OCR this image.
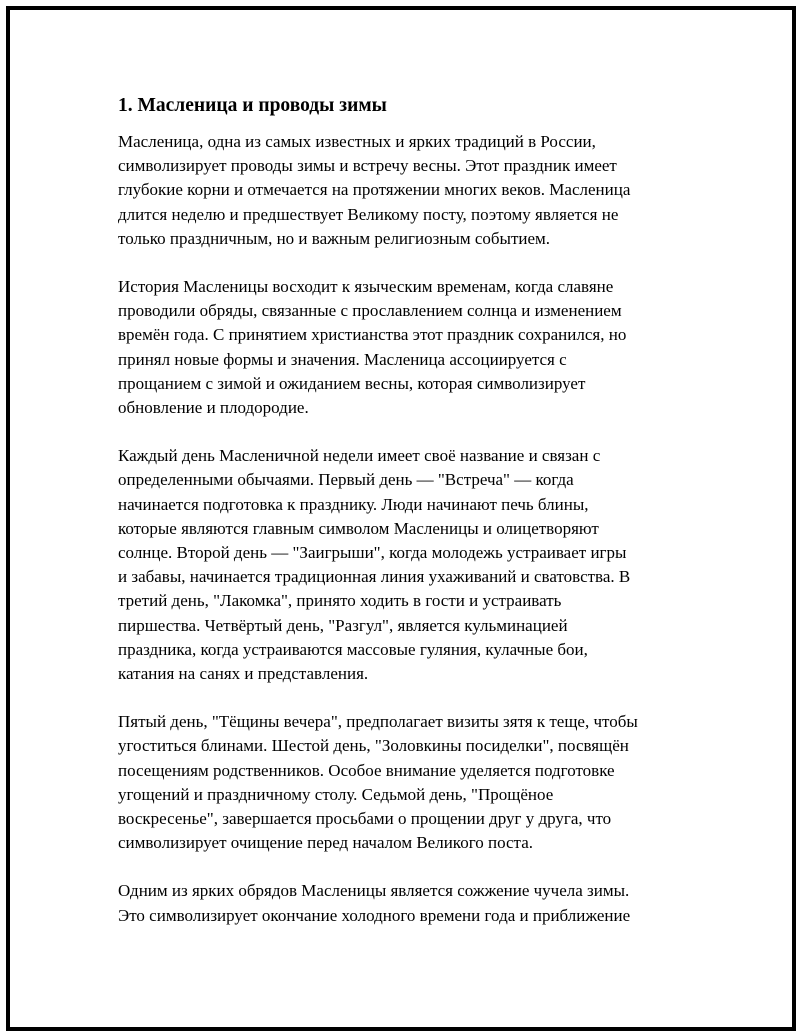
1. Масленица и проводы зимы

Масленица, одна из самых известных и ярких традиций в России,
символизирует проводы зимы и встречу весны. Этот праздник имеет
глубокие корни и отмечается на протяжении многих веков. Масленица
длится неделю и предшествует Великому посту, поэтому является не
только праздничным, но и важным религиозным событием.

История Масленицы восходит к языческим временам, когда славяне
проводили обряды, связанные с прославлением солнца и изменением
времён года. С принятием христианства этот праздник сохранился, но
принял новые формы и значения. Масленица ассоциируется с
прощанием с зимой и ожиданием весны, которая символизирует
обновление и плодородие.

Каждый день Масленичной недели имеет своё название и связан с
определенными обычаями. Первый день — "Встреча" — когда
начинается подготовка к празднику. Люди начинают печь блины,
которые являются главным символом Масленицы и олицетворяют
солнце. Второй день — "Заигрыши", когда молодежь устраивает игры
и забавы, начинается традиционная линия ухаживаний и сватовства. В
третий день, "Лакомка", принято ходить в гости и устраивать
пиршества. Четвёртый день, "Разгул", является кульминацией
праздника, когда устраиваются массовые гуляния, кулачные бои,
катания на санях и представления.

Пятый день, "Тёщины вечера", предполагает визиты зятя к теще, чтобы
угоститься блинами. Шестой день, "Золовкины посиделки", посвящён
посещениям родственников. Особое внимание уделяется подготовке
угощений и праздничному столу. Седьмой день, "Прощёное
воскресенье", завершается просьбами о прощении друг у друга, что
символизирует очищение перед началом Великого поста.

Одним из ярких обрядов Масленицы является сожжение чучела зимы.
Это символизирует окончание холодного времени года и приближение
